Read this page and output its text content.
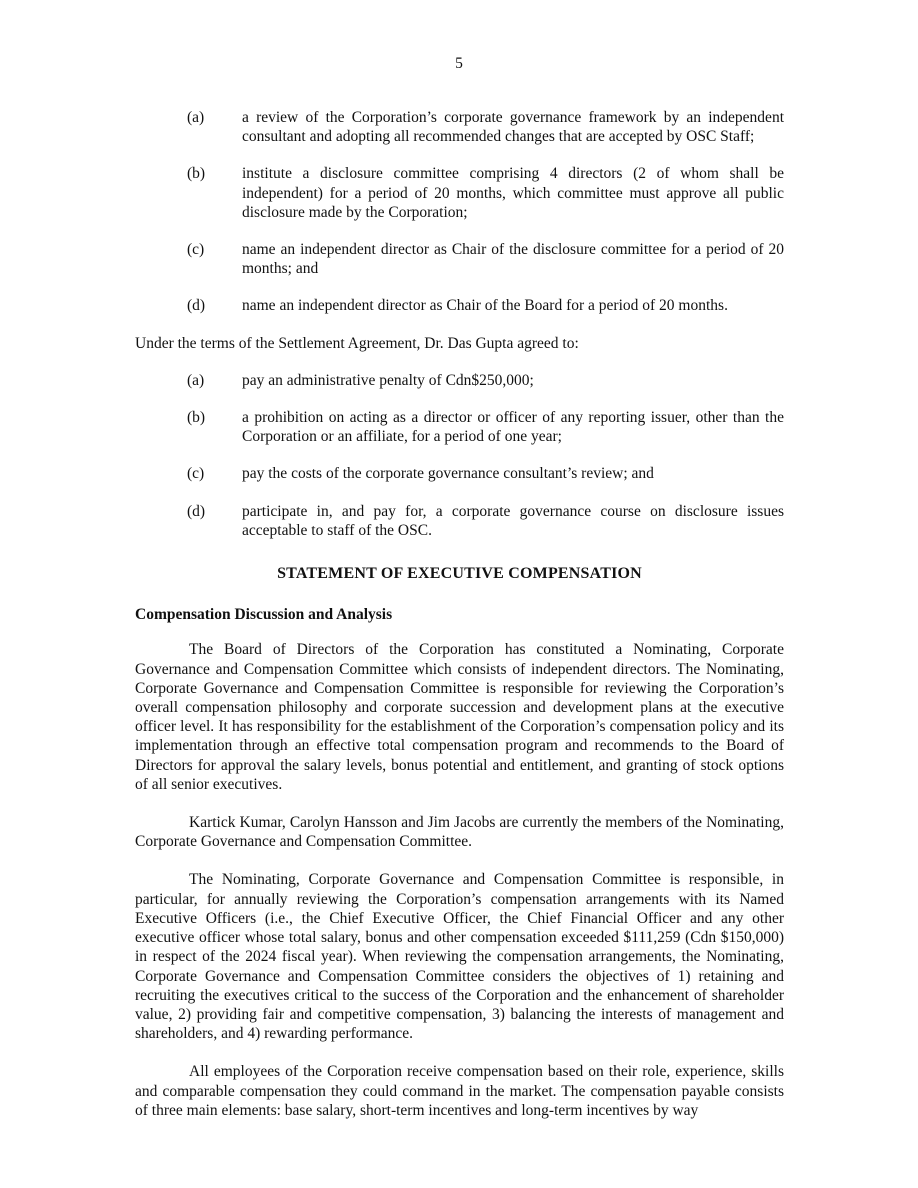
5
(a) a review of the Corporation’s corporate governance framework by an independent consultant and adopting all recommended changes that are accepted by OSC Staff;
(b) institute a disclosure committee comprising 4 directors (2 of whom shall be independent) for a period of 20 months, which committee must approve all public disclosure made by the Corporation;
(c) name an independent director as Chair of the disclosure committee for a period of 20 months; and
(d) name an independent director as Chair of the Board for a period of 20 months.

Under the terms of the Settlement Agreement, Dr. Das Gupta agreed to:

(a) pay an administrative penalty of Cdn$250,000;
(b) a prohibition on acting as a director or officer of any reporting issuer, other than the Corporation or an affiliate, for a period of one year;
(c) pay the costs of the corporate governance consultant’s review; and
(d) participate in, and pay for, a corporate governance course on disclosure issues acceptable to staff of the OSC.
STATEMENT OF EXECUTIVE COMPENSATION
Compensation Discussion and Analysis

The Board of Directors of the Corporation has constituted a Nominating, Corporate Governance and Compensation Committee which consists of independent directors. The Nominating, Corporate Governance and Compensation Committee is responsible for reviewing the Corporation’s overall compensation philosophy and corporate succession and development plans at the executive officer level. It has responsibility for the establishment of the Corporation’s compensation policy and its implementation through an effective total compensation program and recommends to the Board of Directors for approval the salary levels, bonus potential and entitlement, and granting of stock options of all senior executives.

Kartick Kumar, Carolyn Hansson and Jim Jacobs are currently the members of the Nominating, Corporate Governance and Compensation Committee.

The Nominating, Corporate Governance and Compensation Committee is responsible, in particular, for annually reviewing the Corporation’s compensation arrangements with its Named Executive Officers (i.e., the Chief Executive Officer, the Chief Financial Officer and any other executive officer whose total salary, bonus and other compensation exceeded $111,259 (Cdn $150,000) in respect of the 2024 fiscal year). When reviewing the compensation arrangements, the Nominating, Corporate Governance and Compensation Committee considers the objectives of 1) retaining and recruiting the executives critical to the success of the Corporation and the enhancement of shareholder value, 2) providing fair and competitive compensation, 3) balancing the interests of management and shareholders, and 4) rewarding performance.

All employees of the Corporation receive compensation based on their role, experience, skills and comparable compensation they could command in the market. The compensation payable consists of three main elements: base salary, short-term incentives and long-term incentives by way
